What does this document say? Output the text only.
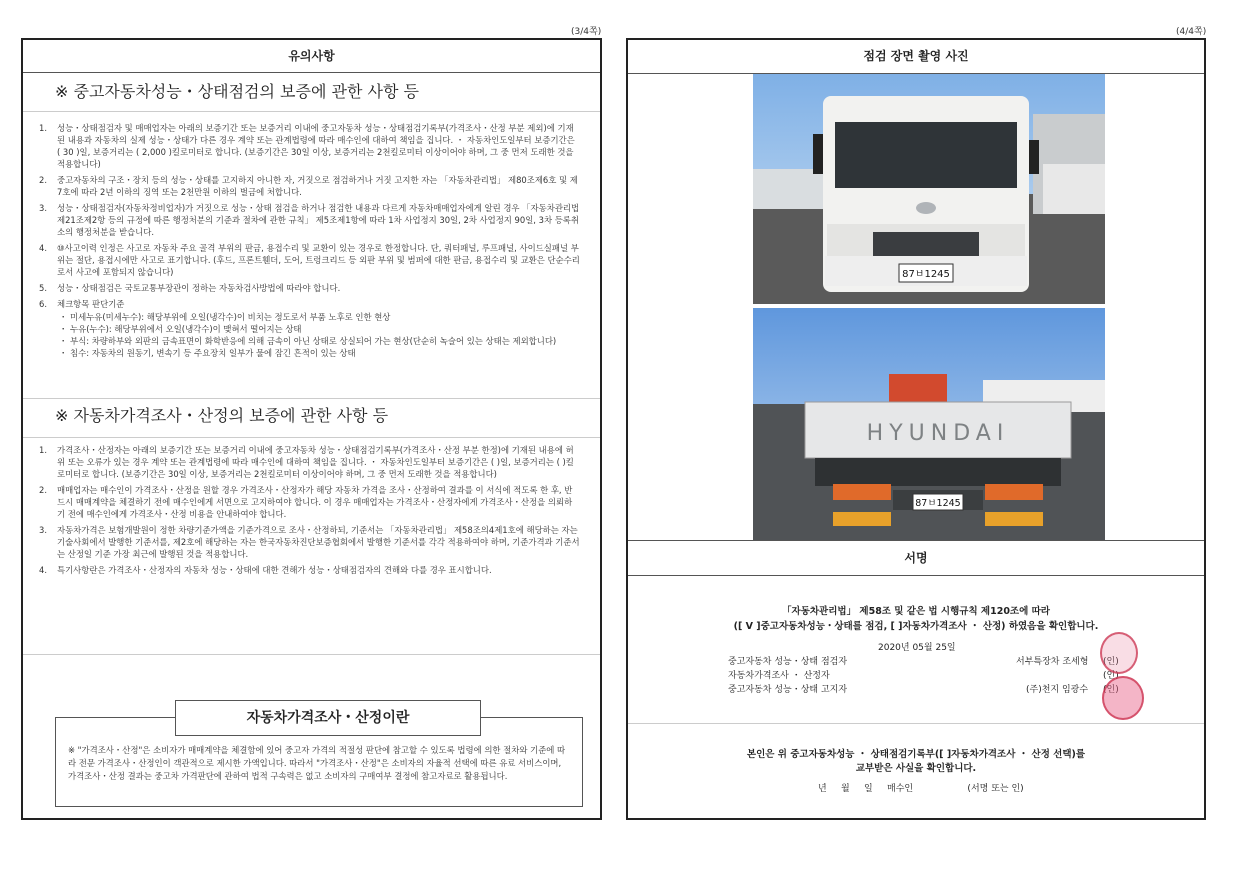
(3/4쪽)
유의사항
※ 중고자동차성능・상태점검의 보증에 관한 사항 등
1.	성능・상태점검자 및 매매업자는 아래의 보증기간 또는 보증거리 이내에 중고자동차 성능・상태점검기록부(가격조사・산정 부분 제외)에 기재된 내용과 자동차의 실제 성능・상태가 다른 경우 계약 또는 관계법령에 따라 매수인에 대하여 책임을 집니다. ・ 자동차인도일부터 보증기간은 ( 30 )일, 보증거리는 ( 2,000 )킬로미터로 합니다. (보증기간은 30일 이상, 보증거리는 2천킬로미터 이상이어야 하며, 그 중 먼저 도래한 것을 적용합니다)
2.	중고자동차의 구조・장치 등의 성능・상태를 고지하지 아니한 자, 거짓으로 점검하거나 거짓 고지한 자는 「자동차관리법」 제80조제6호 및 제7호에 따라 2년 이하의 징역 또는 2천만원 이하의 벌금에 처합니다.
3.	성능・상태점검자(자동차정비업자)가 거짓으로 성능・상태 점검을 하거나 점검한 내용과 다르게 자동차매매업자에게 알린 경우 「자동차관리법 제21조제2항 등의 규정에 따른 행정처분의 기준과 절차에 관한 규칙」 제5조제1항에 따라 1차 사업정지 30일, 2차 사업정지 90일, 3차 등록취소의 행정처분을 받습니다.
4.	⑩사고이력 인정은 사고로 자동차 주요 골격 부위의 판금, 용접수리 및 교환이 있는 경우로 한정합니다. 단, 쿼터패널, 루프패널, 사이드실패널 부위는 절단, 용접시에만 사고로 표기합니다. (후드, 프론트휀더, 도어, 트렁크리드 등 외판 부위 및 범퍼에 대한 판금, 용접수리 및 교환은 단순수리로서 사고에 포함되지 않습니다)
5.	성능・상태점검은 국토교통부장관이 정하는 자동차검사방법에 따라야 합니다.
6.	체크항목 판단기준
・ 미세누유(미세누수): 해당부위에 오일(냉각수)이 비치는 정도로서 부품 노후로 인한 현상
・ 누유(누수): 해당부위에서 오일(냉각수)이 맺혀서 떨어지는 상태
・ 부식: 차량하부와 외판의 금속표면이 화학반응에 의해 금속이 아닌 상태로 상실되어 가는 현상(단순히 녹슬어 있는 상태는 제외합니다)
・ 침수: 자동차의 원동기, 변속기 등 주요장치 일부가 물에 잠긴 흔적이 있는 상태
※ 자동차가격조사・산정의 보증에 관한 사항 등
1.	가격조사・산정자는 아래의 보증기간 또는 보증거리 이내에 중고자동차 성능・상태점검기록부(가격조사・산정 부분 한정)에 기재된 내용에 허위 또는 오류가 있는 경우 계약 또는 관계법령에 따라 매수인에 대하여 책임을 집니다. ・ 자동차인도일부터 보증기간은 ( )일, 보증거리는 ( )킬로미터로 합니다. (보증기간은 30일 이상, 보증거리는 2천킬로미터 이상이어야 하며, 그 중 먼저 도래한 것을 적용합니다)
2.	매매업자는 매수인이 가격조사・산정을 원할 경우 가격조사・산정자가 해당 자동차 가격을 조사・산정하여 결과를 이 서식에 적도록 한 후, 반드시 매매계약을 체결하기 전에 매수인에게 서면으로 고지하여야 합니다. 이 경우 매매업자는 가격조사・산정자에게 가격조사・산정을 의뢰하기 전에 매수인에게 가격조사・산정 비용을 안내하여야 합니다.
3.	자동차가격은 보험개발원이 정한 차량기준가액을 기준가격으로 조사・산정하되, 기준서는 「자동차관리법」 제58조의4제1호에 해당하는 자는 기술사회에서 발행한 기준서를, 제2호에 해당하는 자는 한국자동차진단보증협회에서 발행한 기준서를 각각 적용하여야 하며, 기준가격과 기준서는 산정일 기준 가장 최근에 발행된 것을 적용합니다.
4.	특기사항란은 가격조사・산정자의 자동차 성능・상태에 대한 견해가 성능・상태점검자의 견해와 다를 경우 표시합니다.
※ "가격조사・산정"은 소비자가 매매계약을 체결함에 있어 중고자 가격의 적절성 판단에 참고할 수 있도록 법령에 의한 절차와 기준에 따라 전문 가격조사・산정인이 객관적으로 제시한 가액입니다. 따라서 "가격조사・산정"은 소비자의 자율적 선택에 따른 유료 서비스이며, 가격조사・산정 결과는 중고차 가격판단에 관하여 법적 구속력은 없고 소비자의 구매여부 결정에 참고자료로 활용됩니다.
자동차가격조사・산정이란
(4/4쪽)
점검 장면 촬영 사진
87ㅂ1245
HYUNDAI
87ㅂ1245
서명
「자동차관리법」 제58조 및 같은 법 시행규칙 제120조에 따라
([ V ]중고자동차성능・상태를 점검, [ ]자동차가격조사 ・ 산정) 하였음을 확인합니다.
2020년 05월 25일
중고자동차 성능・상태 점검자	서부특장차 조세형 (인)
자동차가격조사 ・ 산정자	(인)
중고자동차 성능・상태 고지자	(주)천지 임광수 (인)
본인은 위 중고자동차성능 ・ 상태점검기록부([ ]자동차가격조사 ・ 산정 선택)를
교부받은 사실을 확인합니다.
년     월     일     매수인                   (서명 또는 인)
